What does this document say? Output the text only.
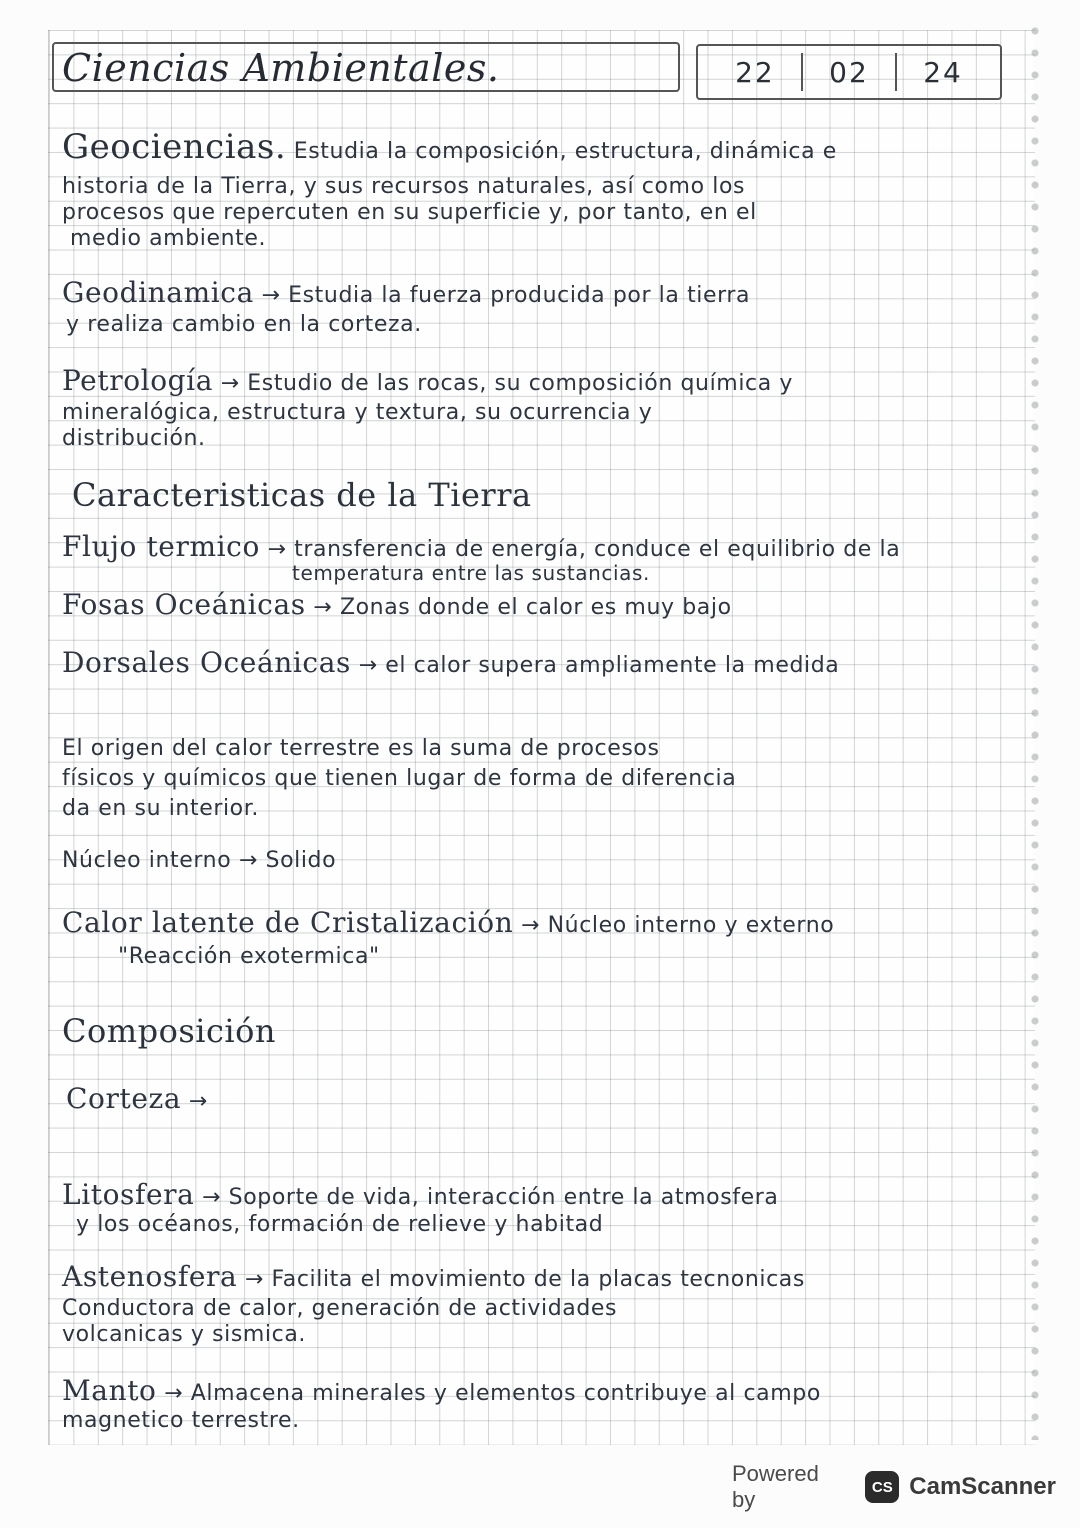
Ciencias Ambientales.	22 02 24
Geociencias. Estudia la composición, estructura, dinámica e
historia de la Tierra, y sus recursos naturales, así como los
procesos que repercuten en su superficie y, por tanto, en el
medio ambiente.
Geodinamica → Estudia la fuerza producida por la tierra
y realiza cambio en la corteza.
Petrología → Estudio de las rocas, su composición química y
mineralógica, estructura y textura, su ocurrencia y
distribución.
Caracteristicas de la Tierra
Flujo termico → transferencia de energía, conduce el equilibrio de la
temperatura entre las sustancias.
Fosas Oceánicas → Zonas donde el calor es muy bajo
Dorsales Oceánicas → el calor supera ampliamente la medida
El origen del calor terrestre es la suma de procesos
físicos y químicos que tienen lugar de forma de diferencia
da en su interior.
Núcleo interno → Solido
Calor latente de Cristalización → Núcleo interno y externo
"Reacción exotermica"
Composición
Corteza →
Litosfera → Soporte de vida, interacción entre la atmosfera
y los océanos, formación de relieve y habitad
Astenosfera → Facilita el movimiento de la placas tecnonicas
Conductora de calor, generación de actividades
volcanicas y sismica.
Manto → Almacena minerales y elementos contribuye al campo
magnetico terrestre.
Powered by	CS CamScanner
